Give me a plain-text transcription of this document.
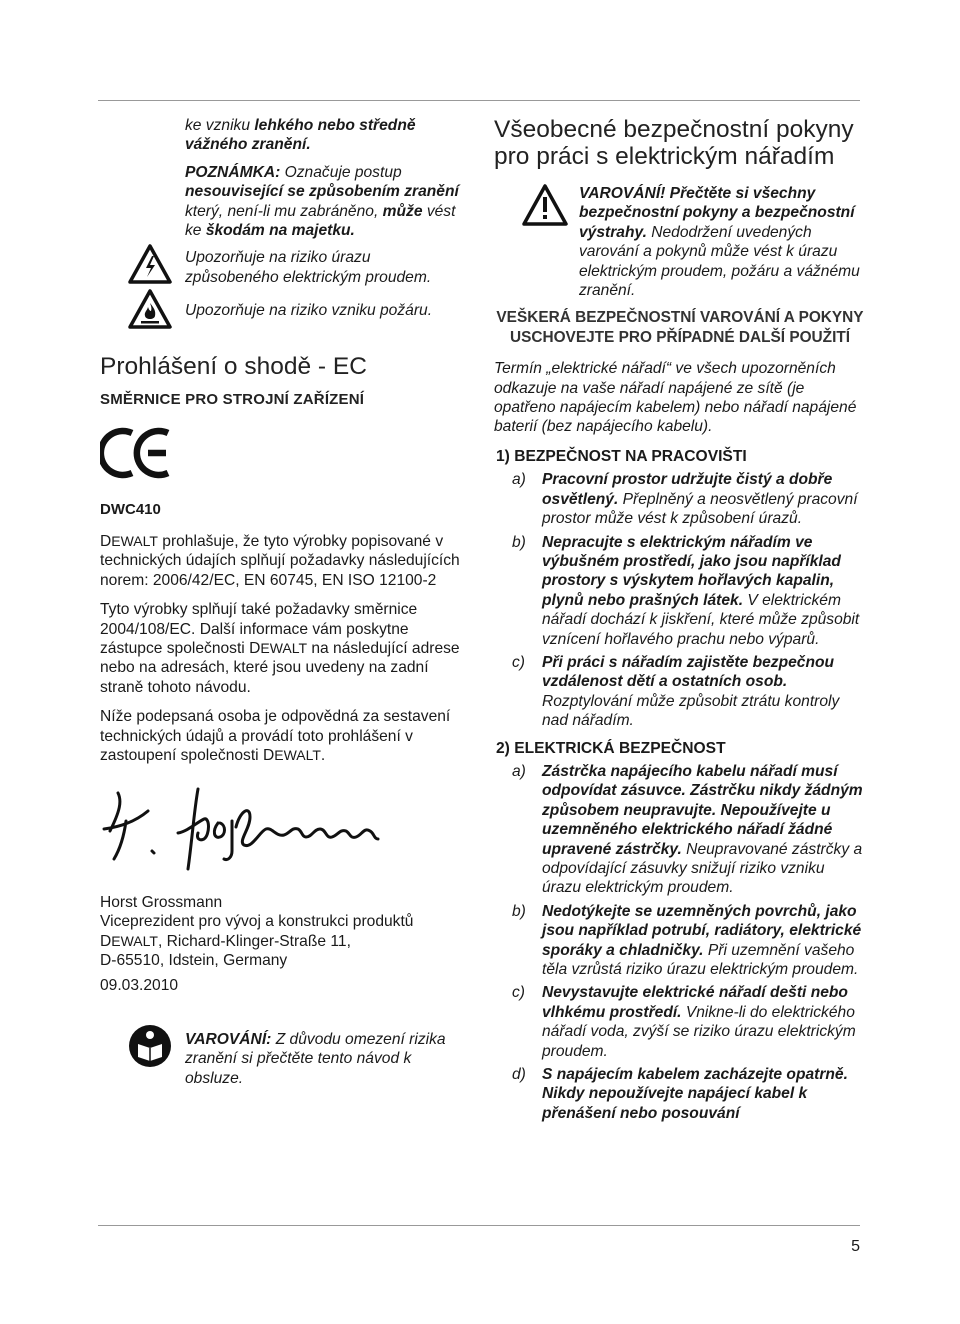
ke vzniku lehkého nebo středně vážného zranění.
POZNÁMKA: Označuje postup nesouvisející se způsobením zranění který, není-li mu zabráněno, může vést ke škodám na majetku.
Upozorňuje na riziko úrazu způsobeného elektrickým proudem.
Upozorňuje na riziko vzniku požáru.
Prohlášení o shodě - EC
SMĚRNICE PRO STROJNÍ ZAŘÍZENÍ
DWC410

DEWALT prohlašuje, že tyto výrobky popisované v technických údajích splňují požadavky následujících norem: 2006/42/EC, EN 60745, EN ISO 12100-2

Tyto výrobky splňují také požadavky směrnice 2004/108/EC. Další informace vám poskytne zástupce společnosti DEWALT na následující adrese nebo na adresách, které jsou uvedeny na zadní straně tohoto návodu.

Níže podepsaná osoba je odpovědná za sestavení technických údajů a provádí toto prohlášení v zastoupení společnosti DEWALT.

Horst Grossmann
Viceprezident pro vývoj a konstrukci produktů
DEWALT, Richard-Klinger-Straße 11,
D-65510, Idstein, Germany
09.03.2010
VAROVÁNÍ: Z důvodu omezení rizika zranění si přečtěte tento návod k obsluze.
Všeobecné bezpečnostní pokyny pro práci s elektrickým nářadím
VAROVÁNÍ! Přečtěte si všechny bezpečnostní pokyny a bezpečnostní výstrahy. Nedodržení uvedených varování a pokynů může vést k úrazu elektrickým proudem, požáru a vážnému zranění.
VEŠKERÁ BEZPEČNOSTNÍ VAROVÁNÍ A POKYNY USCHOVEJTE PRO PŘÍPADNÉ DALŠÍ POUŽITÍ
Termín „elektrické nářadí“ ve všech upozorněních odkazuje na vaše nářadí napájené ze sítě (je opatřeno napájecím kabelem) nebo nářadí napájené baterií (bez napájecího kabelu).
1) BEZPEČNOST NA PRACOVIŠTI
a) Pracovní prostor udržujte čistý a dobře osvětlený. Přeplněný a neosvětlený pracovní prostor může vést k způsobení úrazů.
b) Nepracujte s elektrickým nářadím ve výbušném prostředí, jako jsou například prostory s výskytem hořlavých kapalin, plynů nebo prašných látek. V elektrickém nářadí dochází k jiskření, které může způsobit vznícení hořlavého prachu nebo výparů.
c) Při práci s nářadím zajistěte bezpečnou vzdálenost dětí a ostatních osob. Rozptylování může způsobit ztrátu kontroly nad nářadím.
2) ELEKTRICKÁ BEZPEČNOST
a) Zástrčka napájecího kabelu nářadí musí odpovídat zásuvce. Zástrčku nikdy žádným způsobem neupravujte. Nepoužívejte u uzemněného elektrického nářadí žádné upravené zástrčky. Neupravované zástrčky a odpovídající zásuvky snižují riziko vzniku úrazu elektrickým proudem.
b) Nedotýkejte se uzemněných povrchů, jako jsou například potrubí, radiátory, elektrické sporáky a chladničky. Při uzemnění vašeho těla vzrůstá riziko úrazu elektrickým proudem.
c) Nevystavujte elektrické nářadí dešti nebo vlhkému prostředí. Vnikne-li do elektrického nářadí voda, zvýší se riziko úrazu elektrickým proudem.
d) S napájecím kabelem zacházejte opatrně. Nikdy nepoužívejte napájecí kabel k přenášení nebo posouvání
5
